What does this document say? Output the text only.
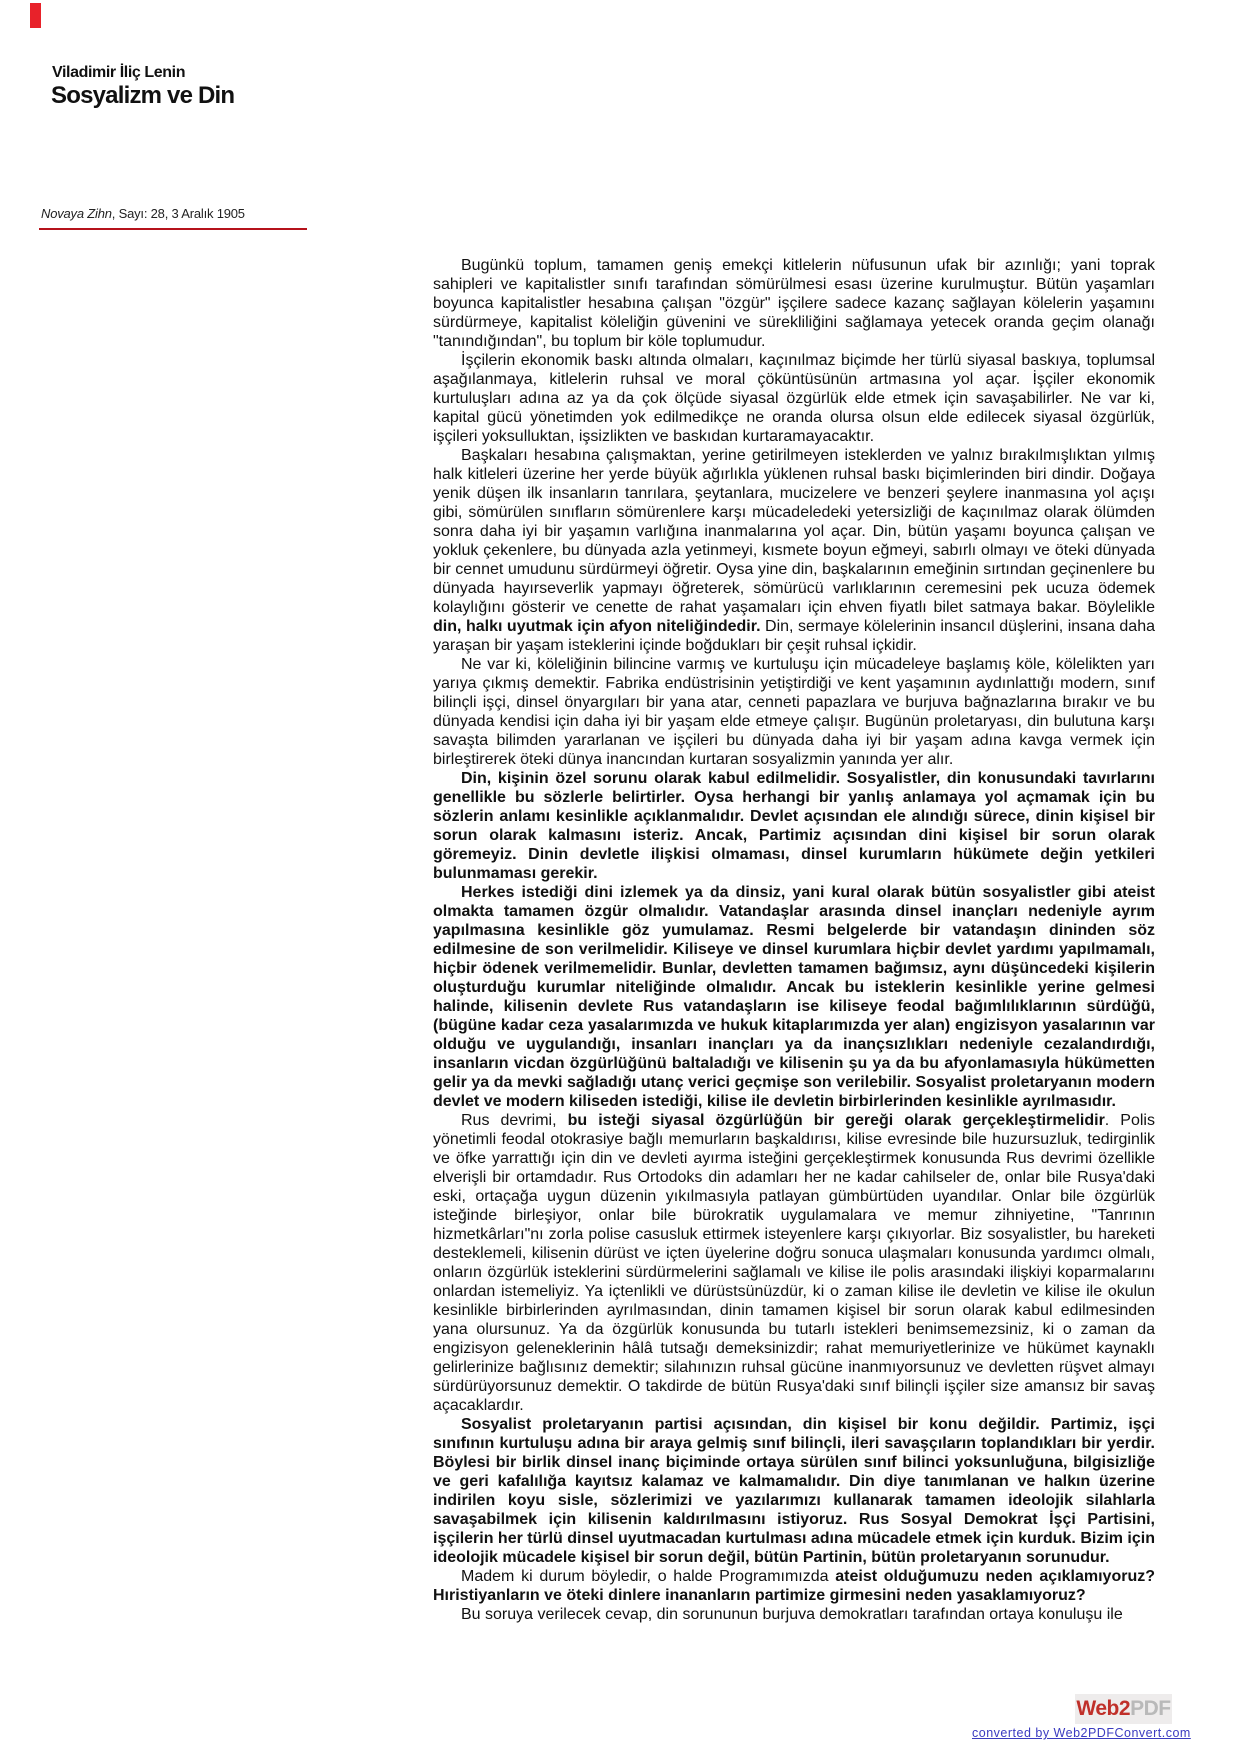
Viladimir İliç Lenin
Sosyalizm ve Din
Novaya Zihn, Sayı: 28, 3 Aralık 1905

Bugünkü toplum, tamamen geniş emekçi kitlelerin nüfusunun ufak bir azınlığı; yani toprak sahipleri ve kapitalistler sınıfı tarafından sömürülmesi esası üzerine kurulmuştur. Bütün yaşamları boyunca kapitalistler hesabına çalışan "özgür" işçilere sadece kazanç sağlayan kölelerin yaşamını sürdürmeye, kapitalist köleliğin güvenini ve sürekliliğini sağlamaya yetecek oranda geçim olanağı "tanındığından", bu toplum bir köle toplumudur.

İşçilerin ekonomik baskı altında olmaları, kaçınılmaz biçimde her türlü siyasal baskıya, toplumsal aşağılanmaya, kitlelerin ruhsal ve moral çöküntüsünün artmasına yol açar. İşçiler ekonomik kurtuluşları adına az ya da çok ölçüde siyasal özgürlük elde etmek için savaşabilirler. Ne var ki, kapital gücü yönetimden yok edilmedikçe ne oranda olursa olsun elde edilecek siyasal özgürlük, işçileri yoksulluktan, işsizlikten ve baskıdan kurtaramayacaktır.

Başkaları hesabına çalışmaktan, yerine getirilmeyen isteklerden ve yalnız bırakılmışlıktan yılmış halk kitleleri üzerine her yerde büyük ağırlıkla yüklenen ruhsal baskı biçimlerinden biri dindir. Doğaya yenik düşen ilk insanların tanrılara, şeytanlara, mucizelere ve benzeri şeylere inanmasına yol açışı gibi, sömürülen sınıfların sömürenlere karşı mücadeledeki yetersizliği de kaçınılmaz olarak ölümden sonra daha iyi bir yaşamın varlığına inanmalarına yol açar. Din, bütün yaşamı boyunca çalışan ve yokluk çekenlere, bu dünyada azla yetinmeyi, kısmete boyun eğmeyi, sabırlı olmayı ve öteki dünyada bir cennet umudunu sürdürmeyi öğretir. Oysa yine din, başkalarının emeğinin sırtından geçinenlere bu dünyada hayırseverlik yapmayı öğreterek, sömürücü varlıklarının ceremesini pek ucuza ödemek kolaylığını gösterir ve cenette de rahat yaşamaları için ehven fiyatlı bilet satmaya bakar. Böylelikle din, halkı uyutmak için afyon niteliğindedir. Din, sermaye kölelerinin insancıl düşlerini, insana daha yaraşan bir yaşam isteklerini içinde boğdukları bir çeşit ruhsal içkidir.

Ne var ki, köleliğinin bilincine varmış ve kurtuluşu için mücadeleye başlamış köle, kölelikten yarı yarıya çıkmış demektir. Fabrika endüstrisinin yetiştirdiği ve kent yaşamının aydınlattığı modern, sınıf bilinçli işçi, dinsel önyargıları bir yana atar, cenneti papazlara ve burjuva bağnazlarına bırakır ve bu dünyada kendisi için daha iyi bir yaşam elde etmeye çalışır. Bugünün proletaryası, din bulutuna karşı savaşta bilimden yararlanan ve işçileri bu dünyada daha iyi bir yaşam adına kavga vermek için birleştirerek öteki dünya inancından kurtaran sosyalizmin yanında yer alır.

Din, kişinin özel sorunu olarak kabul edilmelidir. Sosyalistler, din konusundaki tavırlarını genellikle bu sözlerle belirtirler. Oysa herhangi bir yanlış anlamaya yol açmamak için bu sözlerin anlamı kesinlikle açıklanmalıdır. Devlet açısından ele alındığı sürece, dinin kişisel bir sorun olarak kalmasını isteriz. Ancak, Partimiz açısından dini kişisel bir sorun olarak göremeyiz. Dinin devletle ilişkisi olmaması, dinsel kurumların hükümete değin yetkileri bulunmaması gerekir.

Herkes istediği dini izlemek ya da dinsiz, yani kural olarak bütün sosyalistler gibi ateist olmakta tamamen özgür olmalıdır. Vatandaşlar arasında dinsel inançları nedeniyle ayrım yapılmasına kesinlikle göz yumulamaz. Resmi belgelerde bir vatandaşın dininden söz edilmesine de son verilmelidir. Kiliseye ve dinsel kurumlara hiçbir devlet yardımı yapılmamalı, hiçbir ödenek verilmemelidir. Bunlar, devletten tamamen bağımsız, aynı düşüncedeki kişilerin oluşturduğu kurumlar niteliğinde olmalıdır. Ancak bu isteklerin kesinlikle yerine gelmesi halinde, kilisenin devlete Rus vatandaşların ise kiliseye feodal bağımlılıklarının sürdüğü, (bügüne kadar ceza yasalarımızda ve hukuk kitaplarımızda yer alan) engizisyon yasalarının var olduğu ve uygulandığı, insanları inançları ya da inançsızlıkları nedeniyle cezalandırdığı, insanların vicdan özgürlüğünü baltaladığı ve kilisenin şu ya da bu afyonlamasıyla hükümetten gelir ya da mevki sağladığı utanç verici geçmişe son verilebilir. Sosyalist proletaryanın modern devlet ve modern kiliseden istediği, kilise ile devletin birbirlerinden kesinlikle ayrılmasıdır.

Rus devrimi, bu isteği siyasal özgürlüğün bir gereği olarak gerçekleştirmelidir. Polis yönetimli feodal otokrasiye bağlı memurların başkaldırısı, kilise evresinde bile huzursuzluk, tedirginlik ve öfke yarrattığı için din ve devleti ayırma isteğini gerçekleştirmek konusunda Rus devrimi özellikle elverişli bir ortamdadır. Rus Ortodoks din adamları her ne kadar cahilseler de, onlar bile Rusya'daki eski, ortaçağa uygun düzenin yıkılmasıyla patlayan gümbürtüden uyandılar. Onlar bile özgürlük isteğinde birleşiyor, onlar bile bürokratik uygulamalara ve memur zihniyetine, "Tanrının hizmetkârları"nı zorla polise casusluk ettirmek isteyenlere karşı çıkıyorlar. Biz sosyalistler, bu hareketi desteklemeli, kilisenin dürüst ve içten üyelerine doğru sonuca ulaşmaları konusunda yardımcı olmalı, onların özgürlük isteklerini sürdürmelerini sağlamalı ve kilise ile polis arasındaki ilişkiyi koparmalarını onlardan istemeliyiz. Ya içtenlikli ve dürüstsünüzdür, ki o zaman kilise ile devletin ve kilise ile okulun kesinlikle birbirlerinden ayrılmasından, dinin tamamen kişisel bir sorun olarak kabul edilmesinden yana olursunuz. Ya da özgürlük konusunda bu tutarlı istekleri benimsemezsiniz, ki o zaman da engizisyon geleneklerinin hâlâ tutsağı demeksinizdir; rahat memuriyetlerinize ve hükümet kaynaklı gelirlerinize bağlısınız demektir; silahınızın ruhsal gücüne inanmıyorsunuz ve devletten rüşvet almayı sürdürüyorsunuz demektir. O takdirde de bütün Rusya'daki sınıf bilinçli işçiler size amansız bir savaş açacaklardır.

Sosyalist proletaryanın partisi açısından, din kişisel bir konu değildir. Partimiz, işçi sınıfının kurtuluşu adına bir araya gelmiş sınıf bilinçli, ileri savaşçıların toplandıkları bir yerdir. Böylesi bir birlik dinsel inanç biçiminde ortaya sürülen sınıf bilinci yoksunluğuna, bilgisizliğe ve geri kafalılığa kayıtsız kalamaz ve kalmamalıdır. Din diye tanımlanan ve halkın üzerine indirilen koyu sisle, sözlerimizi ve yazılarımızı kullanarak tamamen ideolojik silahlarla savaşabilmek için kilisenin kaldırılmasını istiyoruz. Rus Sosyal Demokrat İşçi Partisini, işçilerin her türlü dinsel uyutmacadan kurtulması adına mücadele etmek için kurduk. Bizim için ideolojik mücadele kişisel bir sorun değil, bütün Partinin, bütün proletaryanın sorunudur.

Madem ki durum böyledir, o halde Programımızda ateist olduğumuzu neden açıklamıyoruz? Hıristiyanların ve öteki dinlere inananların partimize girmesini neden yasaklamıyoruz?

Bu soruya verilecek cevap, din sorununun burjuva demokratları tarafından ortaya konuluşu ile

Web2PDF
converted by Web2PDFConvert.com
